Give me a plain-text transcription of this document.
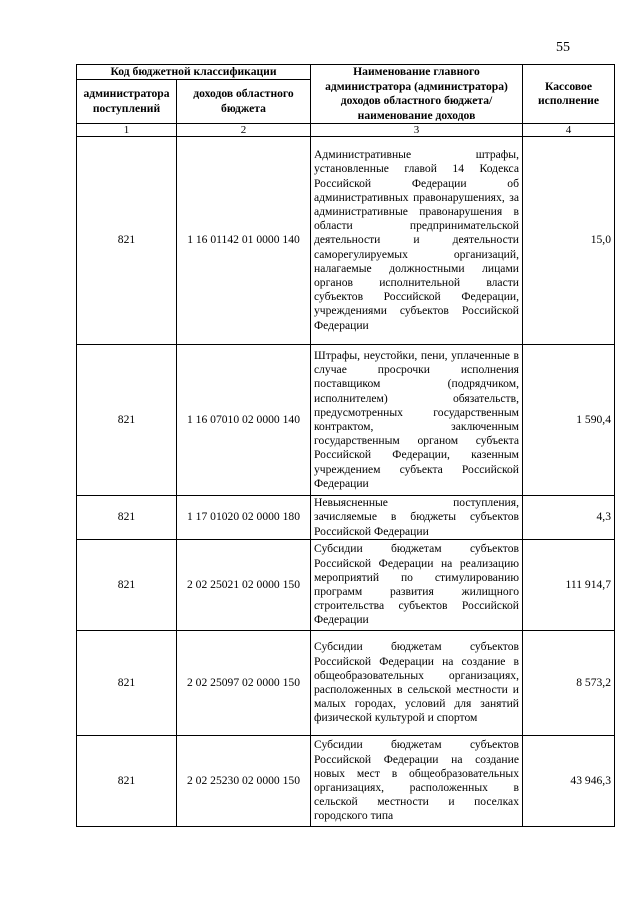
55
Код бюджетной классификации		Наименование главного администратора (администратора) доходов областного бюджета/ наименование доходов	Кассовое исполнение
администратора поступлений	доходов областного бюджета		
1	2	3	4
821	1 16 01142 01 0000 140	Административные штрафы, установленные главой 14 Кодекса Российской Федерации об административных правонарушениях, за административные правонарушения в области предпринимательской деятельности и деятельности саморегулируемых организаций, налагаемые должностными лицами органов исполнительной власти субъектов Российской Федерации, учреждениями субъектов Российской Федерации	15,0
821	1 16 07010 02 0000 140	Штрафы, неустойки, пени, уплаченные в случае просрочки исполнения поставщиком (подрядчиком, исполнителем) обязательств, предусмотренных государственным контрактом, заключенным государственным органом субъекта Российской Федерации, казенным учреждением субъекта Российской Федерации	1 590,4
821	1 17 01020 02 0000 180	Невыясненные поступления, зачисляемые в бюджеты субъектов Российской Федерации	4,3
821	2 02 25021 02 0000 150	Субсидии бюджетам субъектов Российской Федерации на реализацию мероприятий по стимулированию программ развития жилищного строительства субъектов Российской Федерации	111 914,7
821	2 02 25097 02 0000 150	Субсидии бюджетам субъектов Российской Федерации на создание в общеобразовательных организациях, расположенных в сельской местности и малых городах, условий для занятий физической культурой и спортом	8 573,2
821	2 02 25230 02 0000 150	Субсидии бюджетам субъектов Российской Федерации на создание новых мест в общеобразовательных организациях, расположенных в сельской местности и поселках городского типа	43 946,3
